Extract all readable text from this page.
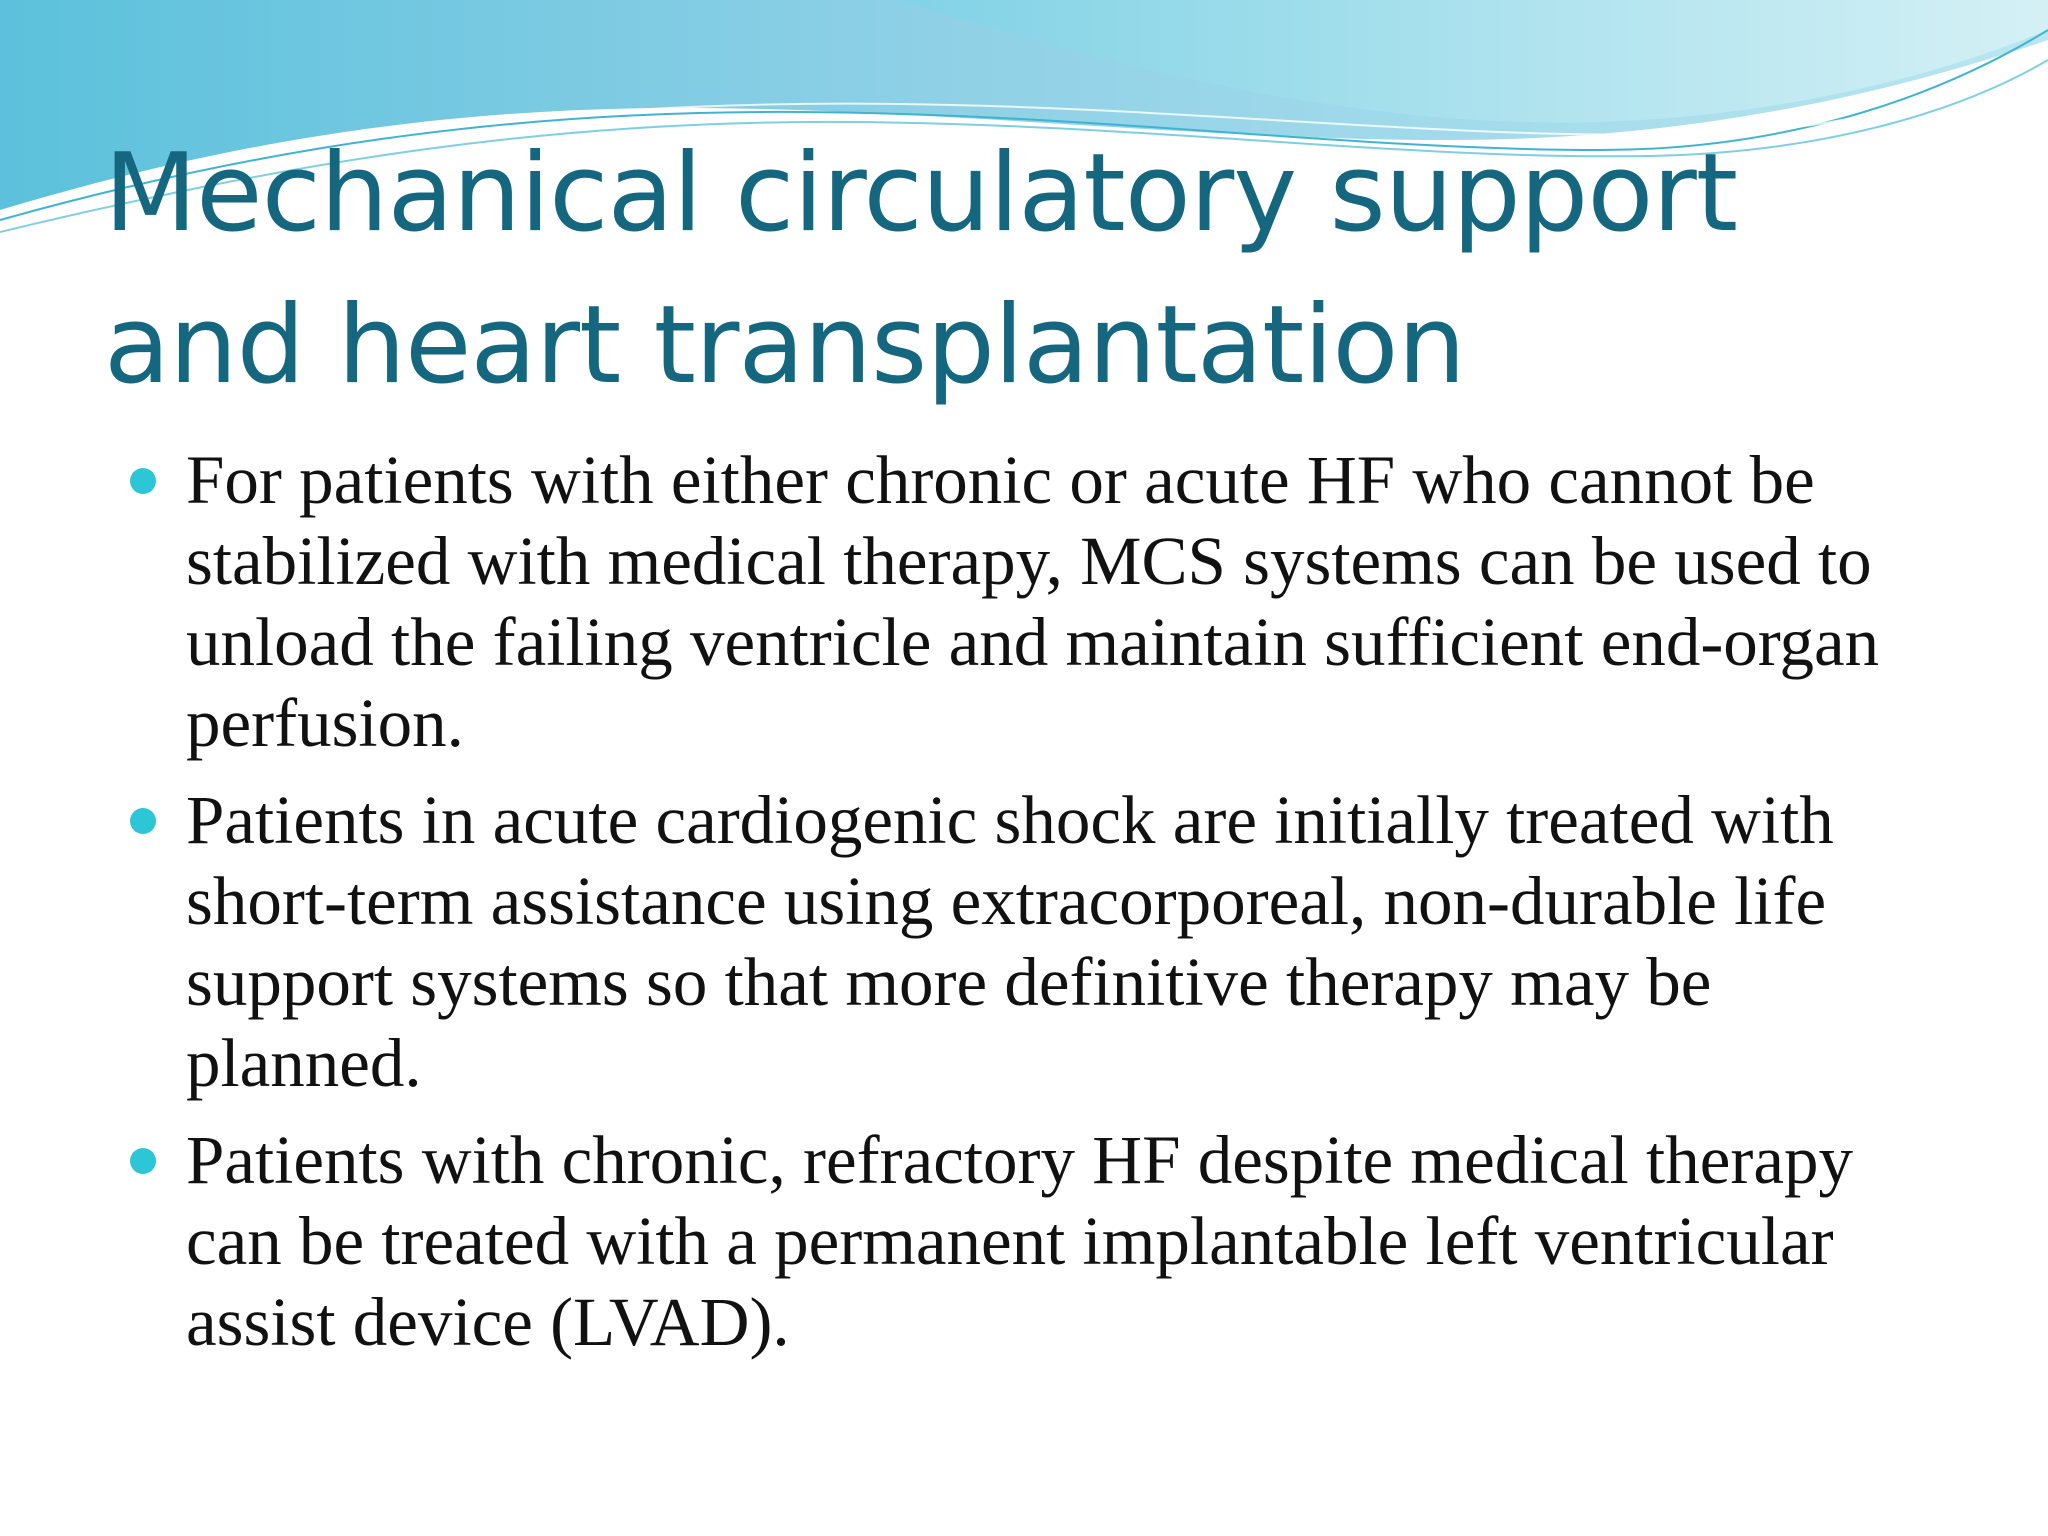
Mechanical circulatory support
and heart transplantation
For patients with either chronic or acute HF who cannot be stabilized with medical therapy, MCS systems can be used to unload the failing ventricle and maintain sufficient end-organ perfusion.
Patients in acute cardiogenic shock are initially treated with short-term assistance using extracorporeal, non-durable life support systems so that more definitive therapy may be planned.
Patients with chronic, refractory HF despite medical therapy can be treated with a permanent implantable left ventricular assist device (LVAD).
